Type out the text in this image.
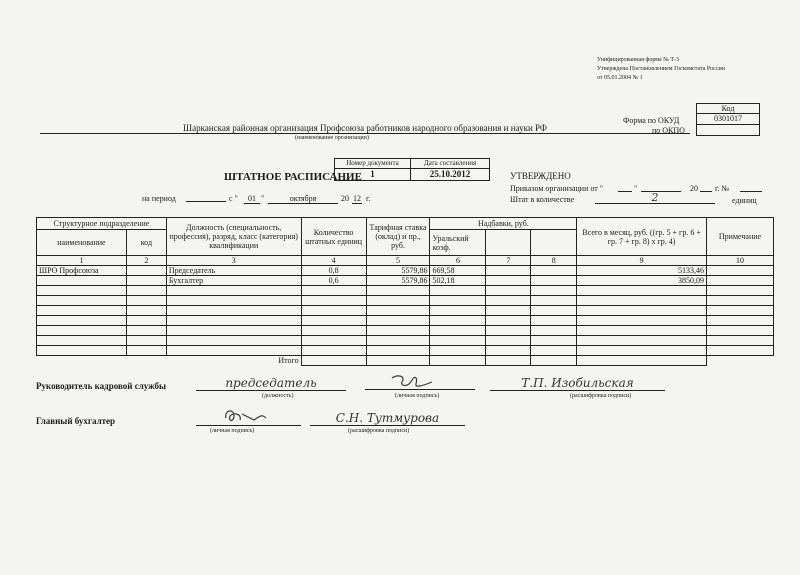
Унифицированная форма № Т-3
Утверждена Постановлением Госкомстата России
от 05.01.2004 № 1
Код
Форма по ОКУД	0301017
по ОКПО
Шарканская районная организация Профсоюза работников народного образования и науки РФ
(наименование организации)
ШТАТНОЕ РАСПИСАНИЕ
Номер документа	Дата составления
1	25.10.2012	УТВЕРЖДЕНО
Приказом организации от "	"	20 г. №
Штат в количестве	2	единиц
на период	с "	01 "	октября	20 12 г.
Структурное подразделение		Должность (специальность, профессия), разряд, класс (категория) квалификации	Количество штатных единиц	Тарифная ставка (оклад) и пр., руб.	Надбавки, руб.			Всего в месяц, руб. ((гр. 5 + гр. 6 + гр. 7 + гр. 8) х гр. 4)	Примечание
наименование	код				Уральский коэф.				
1	2	3	4	5	6	7	8	9	10
ШРО Профсоюза		Председатель	0,8	5579,86	669,58			5133,46	
		Бухгалтер	0,6	5579,86	502,18			3850,09	

		Итого							
Руководитель кадровой службы	председатель
(должность)	(личная подпись)
Т.П. Изобильская
(расшифровка подписи)
Главный бухгалтер
(личная подпись)
С.Н. Тутмурова
(расшифровка подписи)
